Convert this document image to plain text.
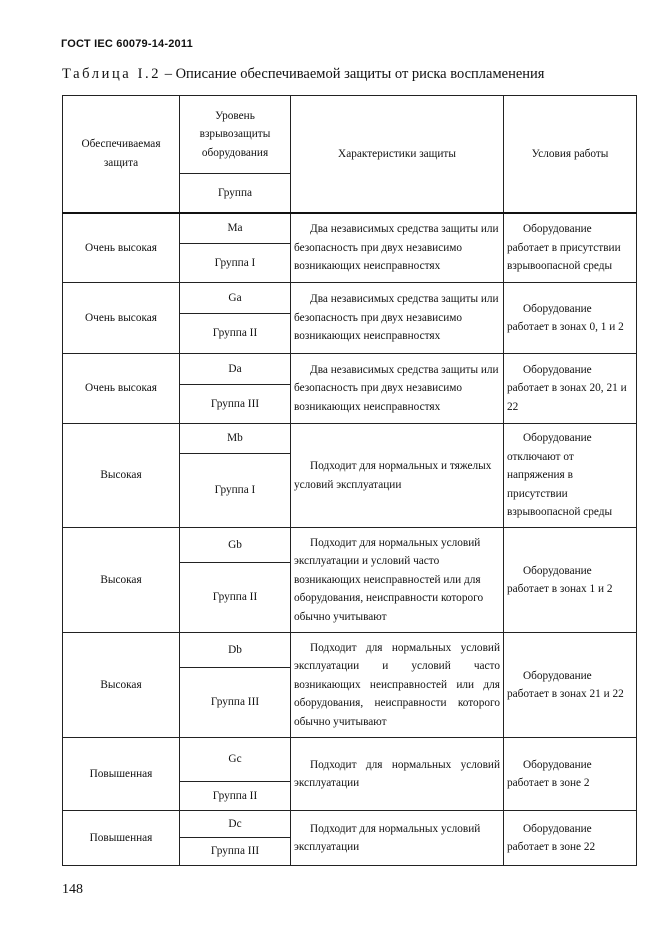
ГОСТ IEC 60079-14-2011
Таблица I.2 – Описание обеспечиваемой защиты от риска воспламенения
Обеспечиваемая защита	Уровень взрывозащиты оборудования	Характеристики защиты	Условия работы
	Группа		
Очень высокая	Ma	Два независимых средства защиты или безопасность при двух независимо возникающих неисправностях	Оборудование работает в присутствии взрывоопасной среды
	Группа I		
Очень высокая	Ga	Два независимых средства защиты или безопасность при двух независимо возникающих неисправностях	Оборудование работает в зонах 0, 1 и 2
	Группа II		
Очень высокая	Da	Два независимых средства защиты или безопасность при двух независимо возникающих неисправностях	Оборудование работает в зонах 20, 21 и 22
	Группа III		
Высокая	Mb	Подходит для нормальных и тяжелых условий эксплуатации	Оборудование отключают от напряжения в присутствии взрывоопасной среды
	Группа I		
Высокая	Gb	Подходит для нормальных условий эксплуатации и условий часто возникающих неисправностей или для оборудования, неисправности которого обычно учитывают	Оборудование работает в зонах 1 и 2
	Группа II		
Высокая	Db	Подходит для нормальных условий эксплуатации и условий часто возникающих неисправностей или для оборудования, неисправности которого обычно учитывают	Оборудование работает в зонах 21 и 22
	Группа III		
Повышенная	Gc	Подходит для нормальных условий эксплуатации	Оборудование работает в зоне 2
	Группа II		
Повышенная	Dc	Подходит для нормальных условий эксплуатации	Оборудование работает в зоне 22
	Группа III		
148
